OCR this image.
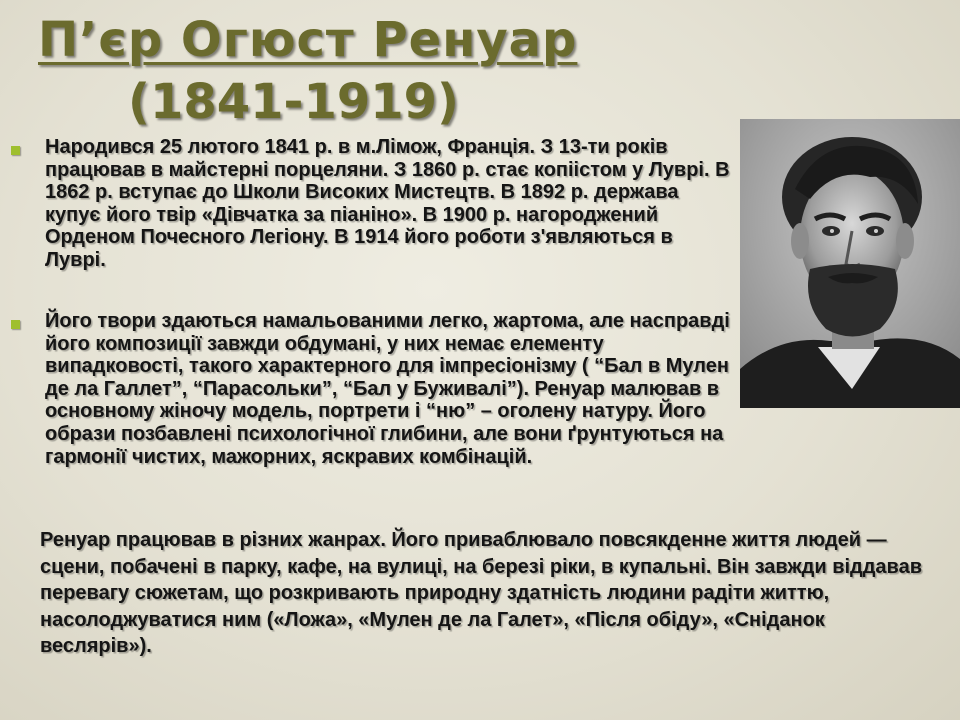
П’єр Огюст Ренуар
(1841-1919)

Народився 25 лютого 1841 р. в м.Лімож, Франція. З 13-ти років працював в майстерні порцеляни. З 1860 р. стає копіістом у Луврі. В 1862 р. вступає до Школи Високих Мистецтв. В 1892 р. держава купує його твір «Дівчатка за піаніно». В 1900 р. нагороджений Орденом Почесного Легіону. В 1914 його роботи з'являються в Луврі.

Його твори здаються намальованими легко, жартома, але насправді його композиції завжди обдумані, у них немає елементу випадковості, такого характерного для імпресіонізму ( “Бал в Мулен де ла Галлет”, “Парасольки”, “Бал у Буживалі”). Ренуар малював в основному жіночу модель, портрети і “ню” – оголену натуру. Його образи позбавлені психологічної глибини, але вони ґрунтуються на гармонії чистих, мажорних, яскравих комбінацій.

Ренуар працював в різних жанрах. Його приваблювало повсякденне життя людей — сцени, побачені в парку, кафе, на вулиці, на березі ріки, в купальні. Він завжди віддавав перевагу сюжетам, що розкривають природну здатність людини радіти життю, насолоджуватися ним («Ложа», «Мулен де ла Галет», «Після обіду», «Сніданок веслярів»).
